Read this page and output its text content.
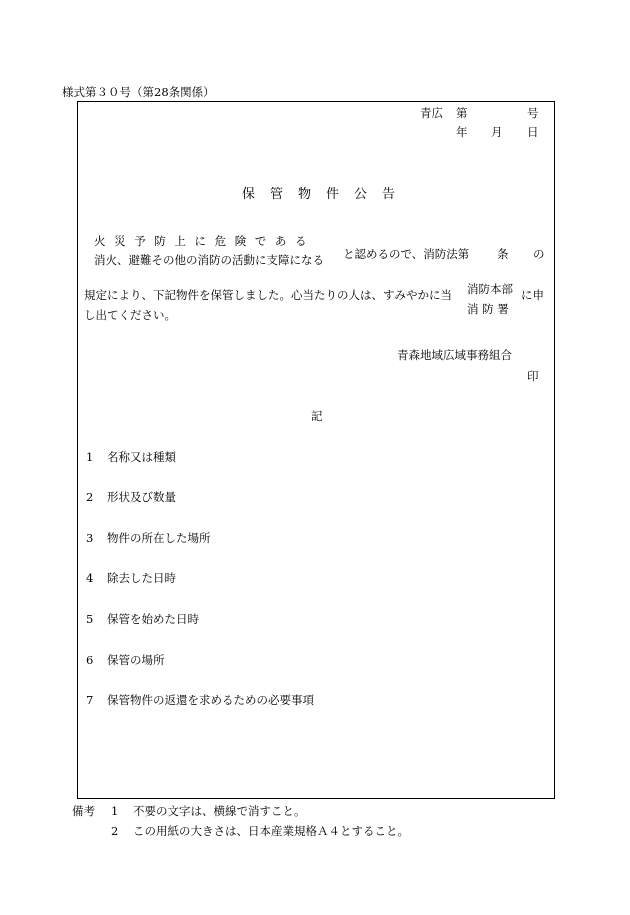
様式第３０号（第28条関係）
青広 第	号
年 月 日
保管物件公告
火災予防上に危険である
消火、避難その他の消防の活動に支障になる と認めるので、消防法第 条 の
規定により、下記物件を保管しました。心当たりの人は、すみやかに当 消防本部
消 防 署
に申
し出てください。
青森地域広域事務組合
印
記
1 名称又は種類
2 形状及び数量
3 物件の所在した場所
4 除去した日時
5 保管を始めた日時
6 保管の場所
7 保管物件の返還を求めるための必要事項
備考 1 不要の文字は、横線で消すこと。
2 この用紙の大きさは、日本産業規格Ａ４とすること。
